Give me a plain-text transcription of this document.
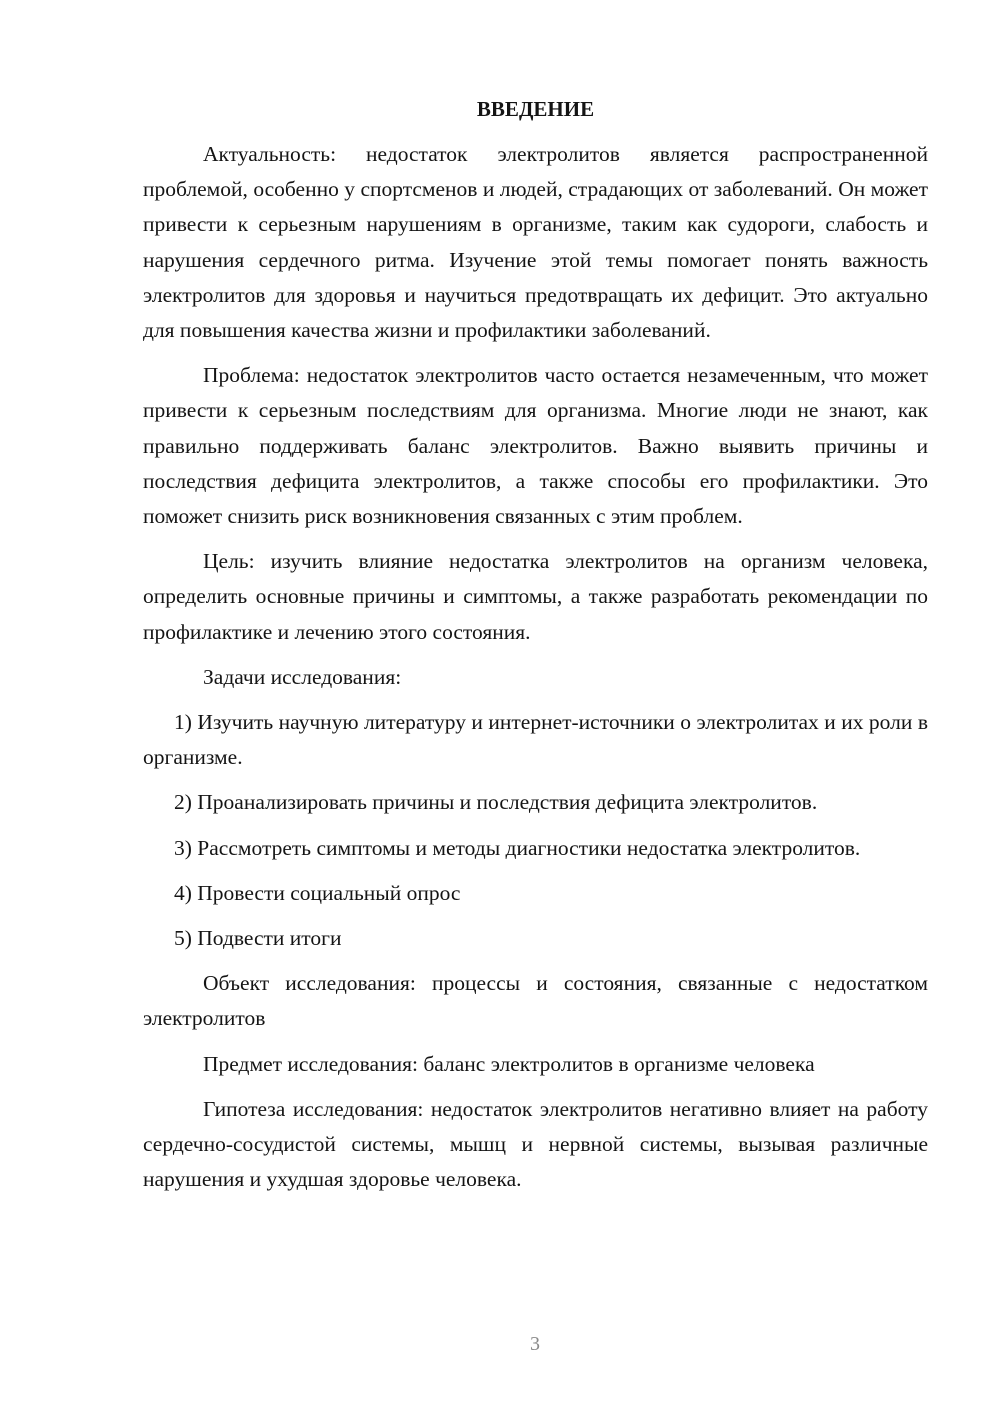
ВВЕДЕНИЕ

Актуальность: недостаток электролитов является распространенной проблемой, особенно у спортсменов и людей, страдающих от заболеваний. Он может привести к серьезным нарушениям в организме, таким как судороги, слабость и нарушения сердечного ритма. Изучение этой темы помогает понять важность электролитов для здоровья и научиться предотвращать их дефицит. Это актуально для повышения качества жизни и профилактики заболеваний.

Проблема: недостаток электролитов часто остается незамеченным, что может привести к серьезным последствиям для организма. Многие люди не знают, как правильно поддерживать баланс электролитов. Важно выявить причины и последствия дефицита электролитов, а также способы его профилактики. Это поможет снизить риск возникновения связанных с этим проблем.

Цель: изучить влияние недостатка электролитов на организм человека, определить основные причины и симптомы, а также разработать рекомендации по профилактике и лечению этого состояния.

Задачи исследования:

1) Изучить научную литературу и интернет-источники о электролитах и их роли в организме.

2) Проанализировать причины и последствия дефицита электролитов.

3) Рассмотреть симптомы и методы диагностики недостатка электролитов.

4) Провести социальный опрос

5) Подвести итоги

Объект исследования: процессы и состояния, связанные с недостатком электролитов

Предмет исследования: баланс электролитов в организме человека

Гипотеза исследования: недостаток электролитов негативно влияет на работу сердечно-сосудистой системы, мышц и нервной системы, вызывая различные нарушения и ухудшая здоровье человека.

3
